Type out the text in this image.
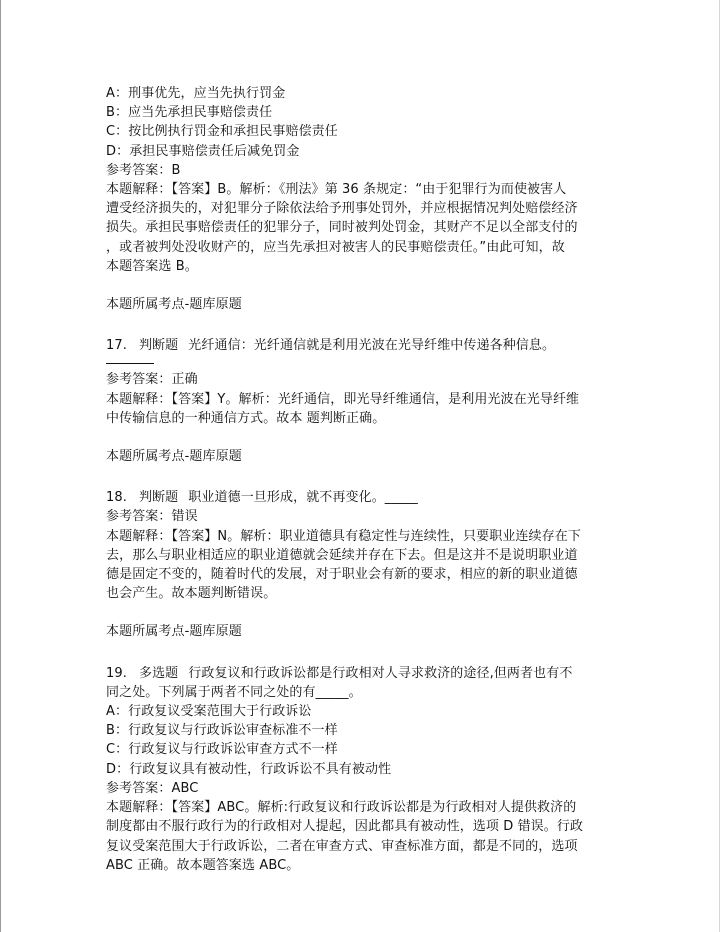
A：刑事优先，应当先执行罚金
B：应当先承担民事赔偿责任
C：按比例执行罚金和承担民事赔偿责任
D：承担民事赔偿责任后减免罚金
参考答案：B
本题解释：【答案】B。解析：《刑法》第 36 条规定：“由于犯罪行为而使被害人
遭受经济损失的，对犯罪分子除依法给予刑事处罚外，并应根据情况判处赔偿经济
损失。承担民事赔偿责任的犯罪分子，同时被判处罚金，其财产不足以全部支付的
，或者被判处没收财产的，应当先承担对被害人的民事赔偿责任。”由此可知，故
本题答案选 B。
本题所属考点-题库原题
17. 判断题 光纤通信：光纤通信就是利用光波在光导纤维中传递各种信息。
参考答案：正确
本题解释：【答案】Y。解析：光纤通信，即光导纤维通信，是利用光波在光导纤维
中传输信息的一种通信方式。故本 题判断正确。
本题所属考点-题库原题
18. 判断题 职业道德一旦形成，就不再变化。_____
参考答案：错误
本题解释：【答案】N。解析：职业道德具有稳定性与连续性，只要职业连续存在下
去，那么与职业相适应的职业道德就会延续并存在下去。但是这并不是说明职业道
德是固定不变的，随着时代的发展，对于职业会有新的要求，相应的新的职业道德
也会产生。故本题判断错误。
本题所属考点-题库原题
19. 多选题 行政复议和行政诉讼都是行政相对人寻求救济的途径,但两者也有不
同之处。下列属于两者不同之处的有_____。
A：行政复议受案范围大于行政诉讼
B：行政复议与行政诉讼审查标准不一样
C：行政复议与行政诉讼审查方式不一样
D：行政复议具有被动性，行政诉讼不具有被动性
参考答案：ABC
本题解释：【答案】ABC。解析:行政复议和行政诉讼都是为行政相对人提供救济的
制度都由不服行政行为的行政相对人提起，因此都具有被动性，选项 D 错误。行政
复议受案范围大于行政诉讼，二者在审查方式、审查标准方面，都是不同的，选项
ABC 正确。故本题答案选 ABC。
